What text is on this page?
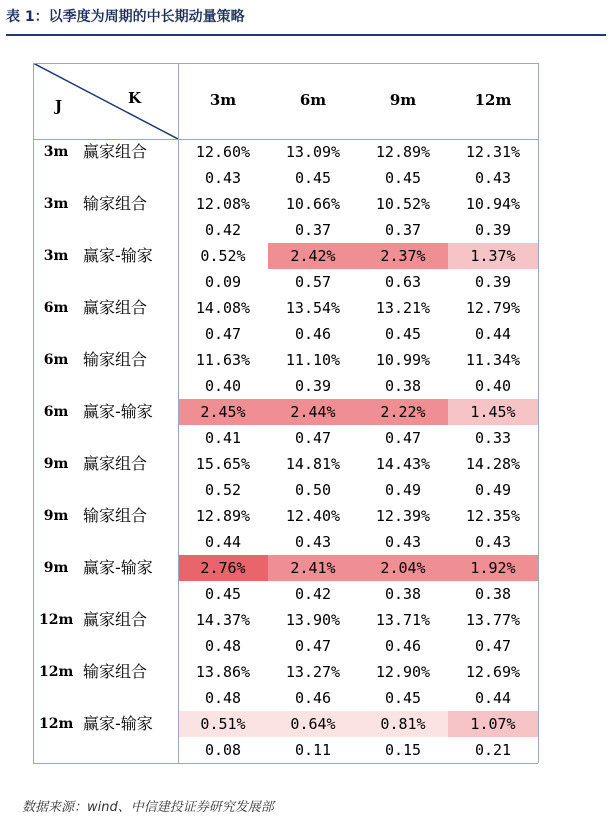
表 1：以季度为周期的中长期动量策略
J	K	3m	6m	9m	12m
3m 赢家组合	12.60%	13.09%	12.89%	12.31%
0.43	0.45	0.45	0.43
3m 输家组合	12.08%	10.66%	10.52%	10.94%
0.42	0.37	0.37	0.39
3m 赢家-输家	0.52%	2.42%	2.37%	1.37%
0.09	0.57	0.63	0.39
6m 赢家组合	14.08%	13.54%	13.21%	12.79%
0.47	0.46	0.45	0.44
6m 输家组合	11.63%	11.10%	10.99%	11.34%
0.40	0.39	0.38	0.40
6m 赢家-输家	2.45%	2.44%	2.22%	1.45%
0.41	0.47	0.47	0.33
9m 赢家组合	15.65%	14.81%	14.43%	14.28%
0.52	0.50	0.49	0.49
9m 输家组合	12.89%	12.40%	12.39%	12.35%
0.44	0.43	0.43	0.43
9m 赢家-输家	2.76%	2.41%	2.04%	1.92%
0.45	0.42	0.38	0.38
12m 赢家组合	14.37%	13.90%	13.71%	13.77%
0.48	0.47	0.46	0.47
12m 输家组合	13.86%	13.27%	12.90%	12.69%
0.48	0.46	0.45	0.44
12m 赢家-输家	0.51%	0.64%	0.81%	1.07%
0.08	0.11	0.15	0.21
数据来源：wind、中信建投证券研究发展部
